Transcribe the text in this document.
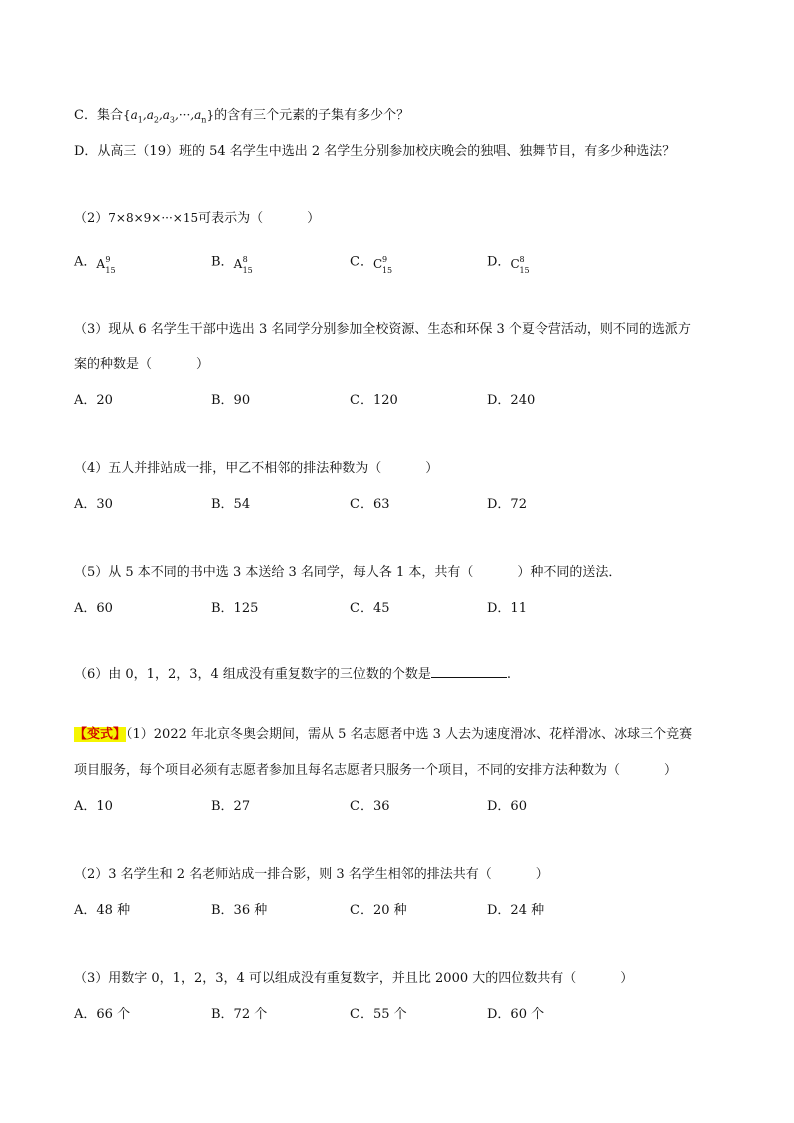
C．集合$\{a_1,a_2,a_3,\cdot\cdot\cdot,a_n\}$的含有三个元素的子集有多少个？
D．从高三（19）班的 54 名学生中选出 2 名学生分别参加校庆晚会的独唱、独舞节目，有多少种选法？
（2）7×8×9×···×15可表示为（	）
A． A 9
15
B． A 8
15
C． C 9
15
D． C 8
15
（3）现从 6 名学生干部中选出 3 名同学分别参加全校资源、生态和环保 3 个夏令营活动，则不同的选派方
案的种数是（	）
A．20	B．90	C．120	D．240
（4）五人并排站成一排，甲乙不相邻的排法种数为（	）
A．30	B．54	C．63	D．72
（5）从 5 本不同的书中选 3 本送给 3 名同学，每人各 1 本，共有（	）种不同的送法．
A．60	B．125	C．45	D．11
（6）由 0，1，2，3，4 组成没有重复数字的三位数的个数是	.
【变式】（1）2022 年北京冬奥会期间，需从 5 名志愿者中选 3 人去为速度滑冰、花样滑冰、冰球三个竞赛
项目服务，每个项目必须有志愿者参加且每名志愿者只服务一个项目，不同的安排方法种数为（	）
A．10	B．27	C．36	D．60
（2）3 名学生和 2 名老师站成一排合影，则 3 名学生相邻的排法共有（	）
A．48 种	B．36 种	C．20 种	D．24 种
（3）用数字 0，1，2，3，4 可以组成没有重复数字，并且比 2000 大的四位数共有（	）
A．66 个	B．72 个	C．55 个	D．60 个
